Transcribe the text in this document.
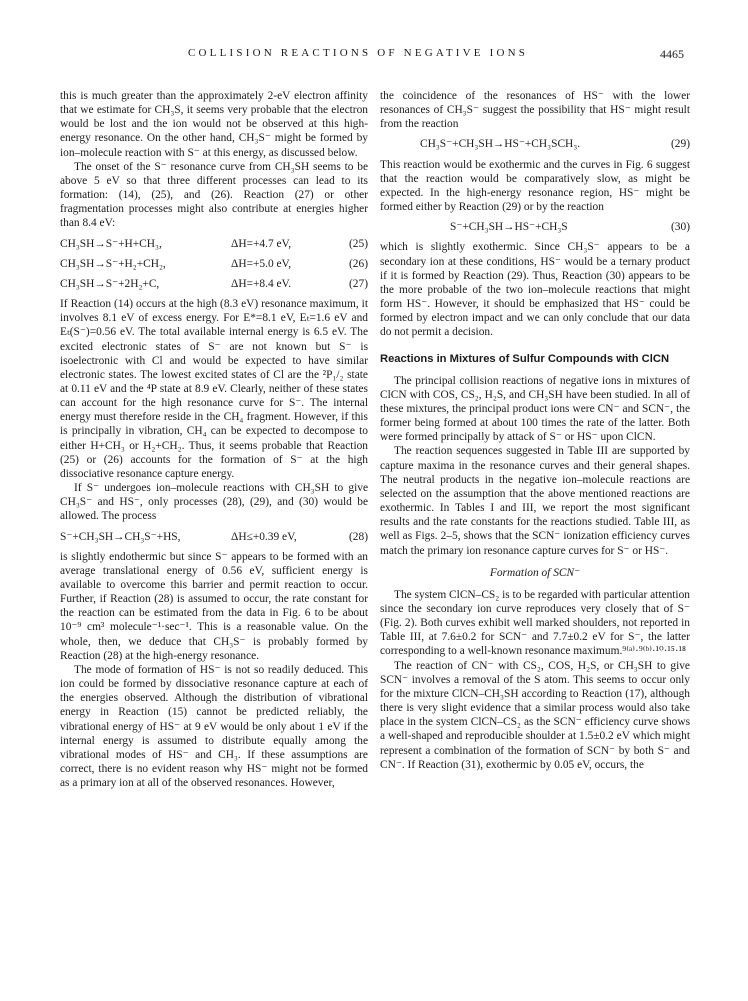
COLLISION REACTIONS OF NEGATIVE IONS	4465

this is much greater than the approximately 2-eV electron affinity that we estimate for CH₃S, it seems very probable that the electron would be lost and the ion would not be observed at this high-energy resonance. On the other hand, CH₃S⁻ might be formed by ion–molecule reaction with S⁻ at this energy, as discussed below.

The onset of the S⁻ resonance curve from CH₃SH seems to be above 5 eV so that three different processes can lead to its formation: (14), (25), and (26). Reaction (27) or other fragmentation processes might also contribute at energies higher than 8.4 eV:

CH₃SH→S⁻+H+CH₃,	ΔH=+4.7 eV,	(25)
CH₃SH→S⁻+H₂+CH₂,	ΔH=+5.0 eV,	(26)
CH₃SH→S⁻+2H₂+C,	ΔH=+8.4 eV.	(27)

If Reaction (14) occurs at the high (8.3 eV) resonance maximum, it involves 8.1 eV of excess energy. For E*=8.1 eV, Eₜ=1.6 eV and Eₜ(S⁻)=0.56 eV. The total available internal energy is 6.5 eV. The excited electronic states of S⁻ are not known but S⁻ is isoelectronic with Cl and would be expected to have similar electronic states. The lowest excited states of Cl are the ²P₁/₂ state at 0.11 eV and the ⁴P state at 8.9 eV. Clearly, neither of these states can account for the high resonance curve for S⁻. The internal energy must therefore reside in the CH₄ fragment. However, if this is principally in vibration, CH₄ can be expected to decompose to either H+CH₃ or H₂+CH₂. Thus, it seems probable that Reaction (25) or (26) accounts for the formation of S⁻ at the high dissociative resonance capture energy.

If S⁻ undergoes ion–molecule reactions with CH₃SH to give CH₃S⁻ and HS⁻, only processes (28), (29), and (30) would be allowed. The process

S⁻+CH₃SH→CH₃S⁻+HS,	ΔH≤+0.39 eV,	(28)

is slightly endothermic but since S⁻ appears to be formed with an average translational energy of 0.56 eV, sufficient energy is available to overcome this barrier and permit reaction to occur. Further, if Reaction (28) is assumed to occur, the rate constant for the reaction can be estimated from the data in Fig. 6 to be about 10⁻⁹ cm³ molecule⁻¹·sec⁻¹. This is a reasonable value. On the whole, then, we deduce that CH₃S⁻ is probably formed by Reaction (28) at the high-energy resonance.

The mode of formation of HS⁻ is not so readily deduced. This ion could be formed by dissociative resonance capture at each of the energies observed. Although the distribution of vibrational energy in Reaction (15) cannot be predicted reliably, the vibrational energy of HS⁻ at 9 eV would be only about 1 eV if the internal energy is assumed to distribute equally among the vibrational modes of HS⁻ and CH₃. If these assumptions are correct, there is no evident reason why HS⁻ might not be formed as a primary ion at all of the observed resonances. However,

the coincidence of the resonances of HS⁻ with the lower resonances of CH₃S⁻ suggest the possibility that HS⁻ might result from the reaction

CH₃S⁻+CH₃SH→HS⁻+CH₃SCH₃.	(29)

This reaction would be exothermic and the curves in Fig. 6 suggest that the reaction would be comparatively slow, as might be expected. In the high-energy resonance region, HS⁻ might be formed either by Reaction (29) or by the reaction

S⁻+CH₃SH→HS⁻+CH₃S	(30)

which is slightly exothermic. Since CH₃S⁻ appears to be a secondary ion at these conditions, HS⁻ would be a ternary product if it is formed by Reaction (29). Thus, Reaction (30) appears to be the more probable of the two ion–molecule reactions that might form HS⁻. However, it should be emphasized that HS⁻ could be formed by electron impact and we can only conclude that our data do not permit a decision.

Reactions in Mixtures of Sulfur Compounds with ClCN

The principal collision reactions of negative ions in mixtures of ClCN with COS, CS₂, H₂S, and CH₃SH have been studied. In all of these mixtures, the principal product ions were CN⁻ and SCN⁻, the former being formed at about 100 times the rate of the latter. Both were formed principally by attack of S⁻ or HS⁻ upon ClCN.

The reaction sequences suggested in Table III are supported by capture maxima in the resonance curves and their general shapes. The neutral products in the negative ion–molecule reactions are selected on the assumption that the above mentioned reactions are exothermic. In Tables I and III, we report the most significant results and the rate constants for the reactions studied. Table III, as well as Figs. 2–5, shows that the SCN⁻ ionization efficiency curves match the primary ion resonance capture curves for S⁻ or HS⁻.

Formation of SCN⁻

The system ClCN–CS₂ is to be regarded with particular attention since the secondary ion curve reproduces very closely that of S⁻ (Fig. 2). Both curves exhibit well marked shoulders, not reported in Table III, at 7.6±0.2 for SCN⁻ and 7.7±0.2 eV for S⁻, the latter corresponding to a well-known resonance maximum.⁹⁽ᵃ⁾·⁹⁽ᵇ⁾·¹⁰·¹⁵·¹⁸

The reaction of CN⁻ with CS₂, COS, H₂S, or CH₃SH to give SCN⁻ involves a removal of the S atom. This seems to occur only for the mixture ClCN–CH₃SH according to Reaction (17), although there is very slight evidence that a similar process would also take place in the system ClCN–CS₂ as the SCN⁻ efficiency curve shows a well-shaped and reproducible shoulder at 1.5±0.2 eV which might represent a combination of the formation of SCN⁻ by both S⁻ and CN⁻. If Reaction (31), exothermic by 0.05 eV, occurs, the
